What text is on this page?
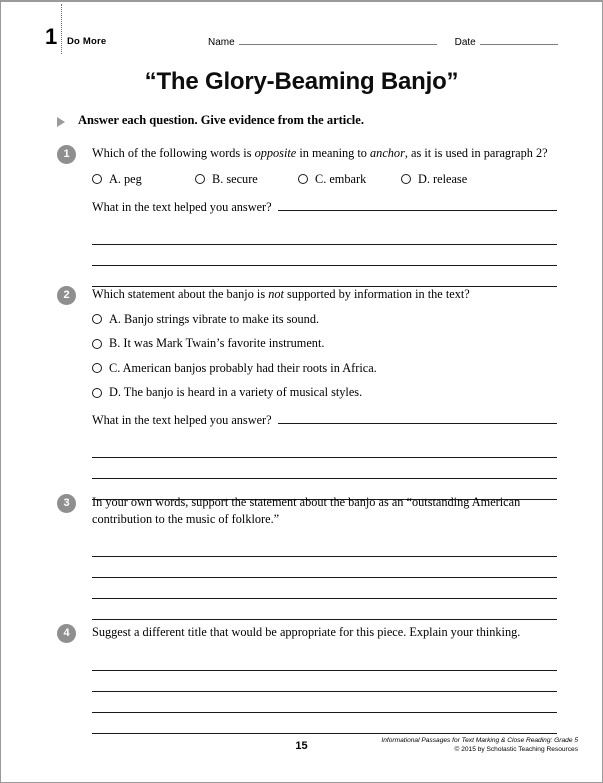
1 Do More	Name	Date
“The Glory-Beaming Banjo”
Answer each question. Give evidence from the article.
1	Which of the following words is opposite in meaning to anchor, as it is used in paragraph 2?
A. peg	B. secure	C. embark	D. release
What in the text helped you answer?
2	Which statement about the banjo is not supported by information in the text?
A. Banjo strings vibrate to make its sound.
B. It was Mark Twain’s favorite instrument.
C. American banjos probably had their roots in Africa.
D. The banjo is heard in a variety of musical styles.
What in the text helped you answer?
3	In your own words, support the statement about the banjo as an “outstanding American contribution to the music of folklore.”
4	Suggest a different title that would be appropriate for this piece. Explain your thinking.
15	Informational Passages for Text Marking & Close Reading: Grade 5
© 2015 by Scholastic Teaching Resources
